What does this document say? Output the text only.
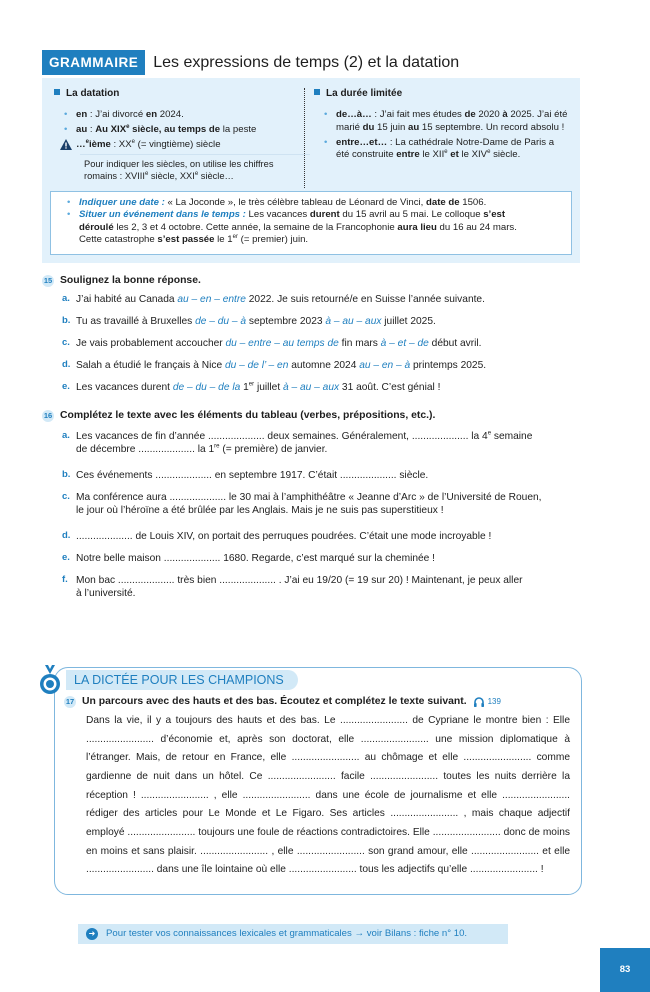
GRAMMAIRE Les expressions de temps (2) et la datation
La datation
• en : J’ai divorcé en 2024.
• au : Au XIXe siècle, au temps de la peste
…$^e$ième : XXe (= vingtième) siècle
Pour indiquer les siècles, on utilise les chiffres romains : XVIIIe siècle, XXIe siècle…
La durée limitée
• de…à… : J’ai fait mes études de 2020 à 2025. J’ai été marié du 15 juin au 15 septembre. Un record absolu !
• entre…et… : La cathédrale Notre-Dame de Paris a été construite entre le XIIe et le XIVe siècle.
• Indiquer une date : « La Joconde », le très célèbre tableau de Léonard de Vinci, date de 1506.
• Situer un événement dans le temps : Les vacances durent du 15 avril au 5 mai. Le colloque s’est
déroulé les 2, 3 et 4 octobre. Cette année, la semaine de la Francophonie aura lieu du 16 au 24 mars.
Cette catastrophe s’est passée le 1er (= premier) juin.
15 Soulignez la bonne réponse.
a. J’ai habité au Canada au – en – entre 2022. Je suis retourné/e en Suisse l’année suivante.
b. Tu as travaillé à Bruxelles de – du – à septembre 2023 à – au – aux juillet 2025.
c. Je vais probablement accoucher du – entre – au temps de fin mars à – et – de début avril.
d. Salah a étudié le français à Nice du – de l’ – en automne 2024 au – en – à printemps 2025.
e. Les vacances durent de – du – de la 1er juillet à – au – aux 31 août. C’est génial !
16 Complétez le texte avec les éléments du tableau (verbes, prépositions, etc.).
a. Les vacances de fin d’année .................... deux semaines. Généralement, .................... la 4e semaine
de décembre .................... la 1re (= première) de janvier.
b. Ces événements .................... en septembre 1917. C’était .................... siècle.
c. Ma conférence aura .................... le 30 mai à l’amphithéâtre « Jeanne d’Arc » de l’Université de Rouen,
le jour où l’héroïne a été brûlée par les Anglais. Mais je ne suis pas superstitieux !
d. .................... de Louis XIV, on portait des perruques poudrées. C’était une mode incroyable !
e. Notre belle maison .................... 1680. Regarde, c’est marqué sur la cheminée !
f. Mon bac .................... très bien .................... . J’ai eu 19/20 (= 19 sur 20) ! Maintenant, je peux aller
à l’université.
LA DICTÉE POUR LES CHAMPIONS
17 Un parcours avec des hauts et des bas. Écoutez et complétez le texte suivant.	139
Dans la vie, il y a toujours des hauts et des bas. Le ........................ de Cypriane le montre bien : Elle ........................ d’économie et, après son doctorat, elle ........................ une mission diplomatique à l’étranger. Mais, de retour en France, elle ........................ au chômage et elle ........................ comme gardienne de nuit dans un hôtel. Ce ........................ facile ........................ toutes les nuits derrière la réception ! ........................ , elle ........................ dans une école de journalisme et elle ........................ rédiger des articles pour Le Monde et Le Figaro. Ses articles ........................ , mais chaque adjectif employé ........................ toujours une foule de réactions contradictoires. Elle ........................ donc de moins en moins et sans plaisir. ........................ , elle ........................ son grand amour, elle ........................ et elle ........................ dans une île lointaine où elle ........................ tous les adjectifs qu’elle ........................ !
➜ Pour tester vos connaissances lexicales et grammaticales → voir Bilans : fiche n° 10.
83
